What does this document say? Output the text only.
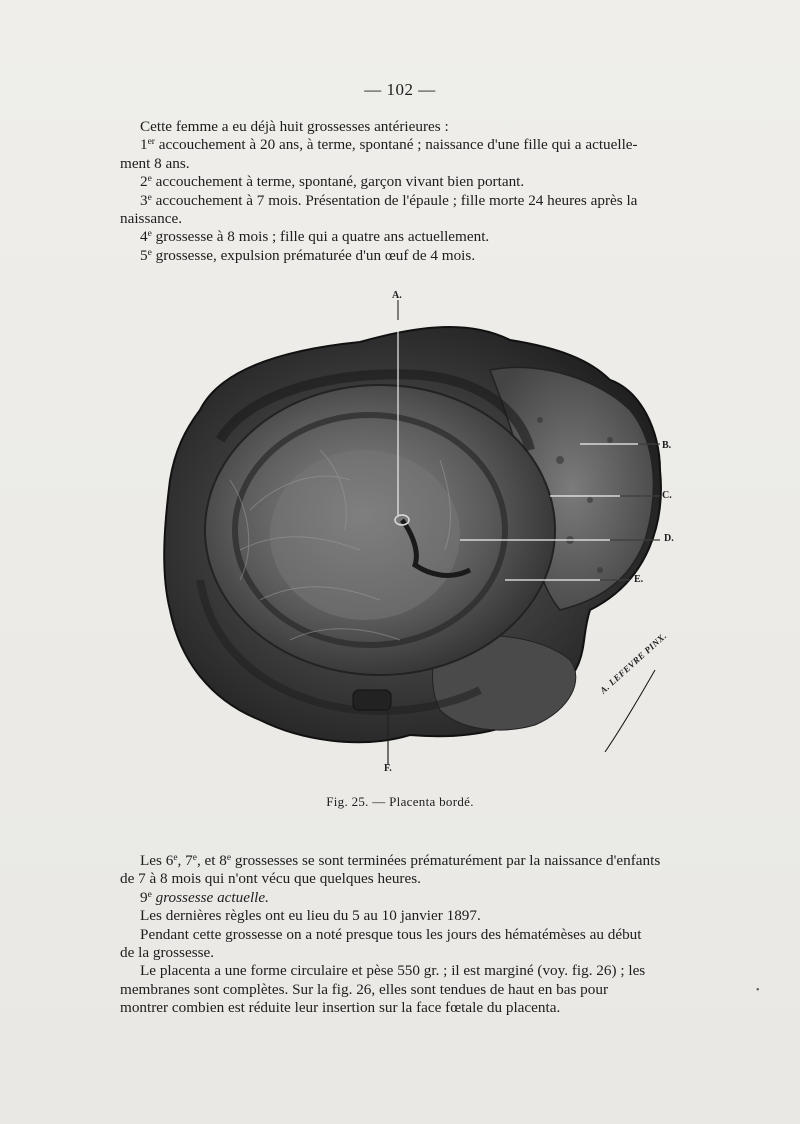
— 102 —

Cette femme a eu déjà huit grossesses antérieures :

1er accouchement à 20 ans, à terme, spontané ; naissance d'une fille qui a actuelle-

ment 8 ans.

2e accouchement à terme, spontané, garçon vivant bien portant.

3e accouchement à 7 mois. Présentation de l'épaule ; fille morte 24 heures après la

naissance.

4e grossesse à 8 mois ; fille qui a quatre ans actuellement.

5e grossesse, expulsion prématurée d'un œuf de 4 mois.

A.
B.
C.
D.
E.
F.
A. LEFEVRE PINX.
Fig. 25. — Placenta bordé.

Les 6e, 7e, et 8e grossesses se sont terminées prématurément par la naissance d'enfants

de 7 à 8 mois qui n'ont vécu que quelques heures.

9e grossesse actuelle.

Les dernières règles ont eu lieu du 5 au 10 janvier 1897.

Pendant cette grossesse on a noté presque tous les jours des hématémèses au début

de la grossesse.

Le placenta a une forme circulaire et pèse 550 gr. ; il est marginé (voy. fig. 26) ; les

membranes sont complètes. Sur la fig. 26, elles sont tendues de haut en bas pour

montrer combien est réduite leur insertion sur la face fœtale du placenta.

•
